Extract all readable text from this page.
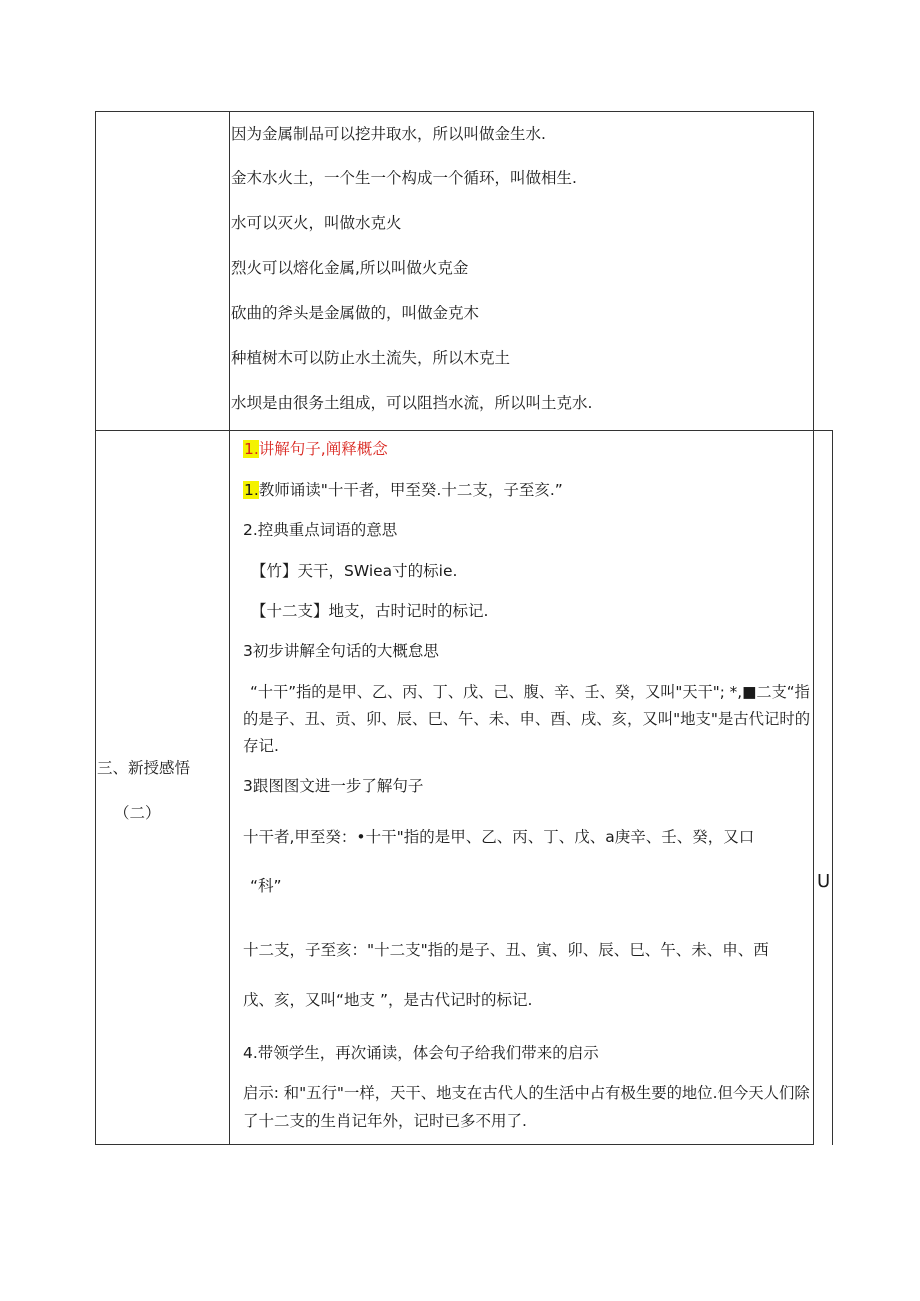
因为金属制品可以挖井取水，所以叫做金生水.
金木水火土，一个生一个构成一个循环，叫做相生.
水可以灭火，叫做水克火
烈火可以熔化金属,所以叫做火克金
砍曲的斧头是金属做的，叫做金克木
种植树木可以防止水土流失，所以木克土
水坝是由很务土组成，可以阻挡水流，所以叫土克水.
三、新授感悟
（二）
1.讲解句子,阐释概念
1.教师诵读"十干者，甲至癸.十二支，子至亥.”
2.控典重点词语的意思
【竹】天干，SWiea寸的标ie.
【十二支】地支，古时记时的标记.
3初步讲解全句话的大概怠思
“十干”指的是甲、乙、丙、丁、戊、己、腹、辛、壬、癸，又叫"天干"; *,■二支“指
的是子、丑、贡、卯、辰、巳、午、未、申、酉、戌、亥，又叫"地支"是古代记时的
存记.
3跟图图文进一步了解句子
十干者,甲至癸：•十干"指的是甲、乙、丙、丁、戊、a庚辛、壬、癸，又口
“科”
十二支，子至亥："十二支"指的是子、丑、寅、卯、辰、巳、午、未、申、西
戊、亥，又叫“地支 ”，是古代记时的标记.
4.带领学生，再次诵读，体会句子给我们带来的启示
启示: 和"五行"一样，天干、地支在古代人的生活中占有极生要的地位.但今天人们除
了十二支的生肖记年外，记时已多不用了.
U
